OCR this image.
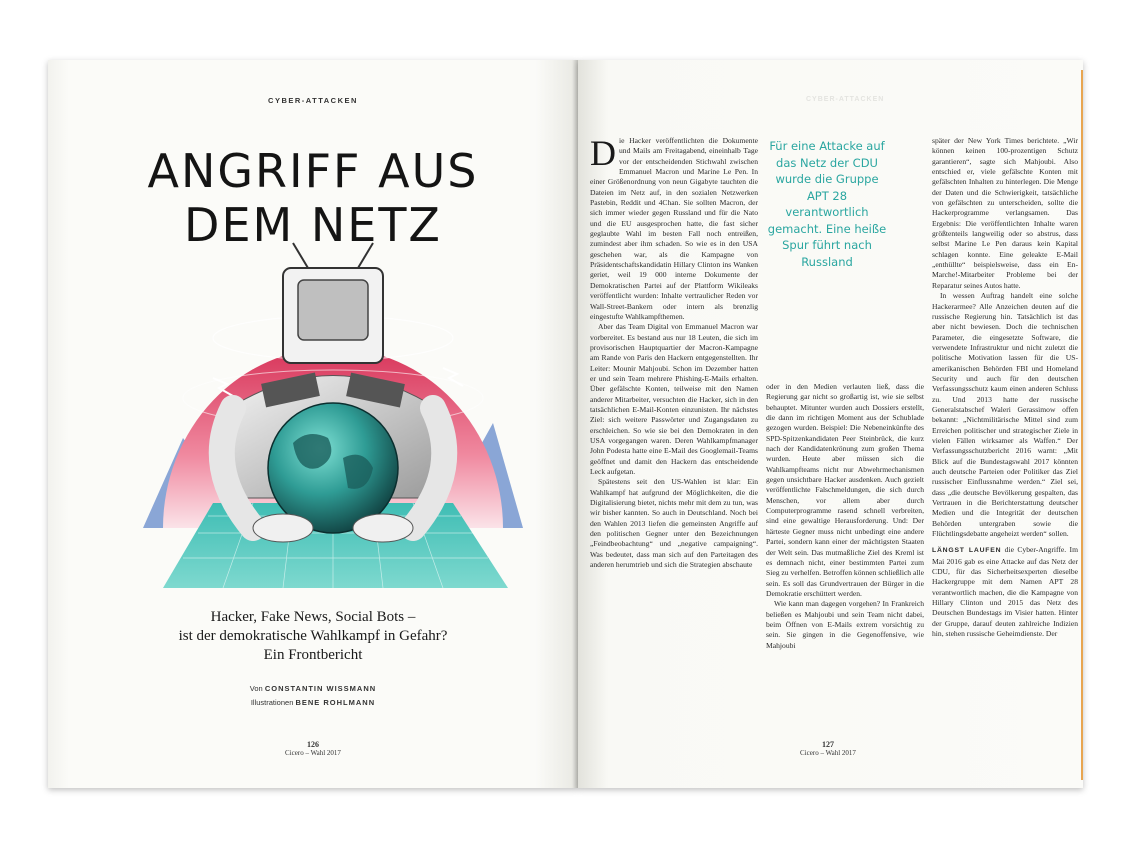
CYBER-ATTACKEN
ANGRIFF AUS
DEM NETZ
Hacker, Fake News, Social Bots –
ist der demokratische Wahlkampf in Gefahr?
Ein Frontbericht
Von CONSTANTIN WISSMANN
Illustrationen BENE ROHLMANN
126
Cicero – Wahl 2017
CYBER-ATTACKEN

Die Hacker veröffentlichten die Dokumente und Mails am Freitagabend, eineinhalb Tage vor der entscheidenden Stichwahl zwischen Emmanuel Macron und Marine Le Pen. In einer Größenordnung von neun Gigabyte tauchten die Dateien im Netz auf, in den sozialen Netzwerken Pastebin, Reddit und 4Chan. Sie sollten Macron, der sich immer wieder gegen Russland und für die Nato und die EU ausgesprochen hatte, die fast sicher geglaubte Wahl im besten Fall noch entreißen, zumindest aber ihm schaden. So wie es in den USA geschehen war, als die Kampagne von Präsidentschaftskandidatin Hillary Clinton ins Wanken geriet, weil 19 000 interne Dokumente der Demokratischen Partei auf der Plattform Wikileaks veröffentlicht wurden: Inhalte vertraulicher Reden vor Wall-Street-Bankern oder intern als brenzlig eingestufte Wahlkampfthemen.

Aber das Team Digital von Emmanuel Macron war vorbereitet. Es bestand aus nur 18 Leuten, die sich im provisorischen Hauptquartier der Macron-Kampagne am Rande von Paris den Hackern entgegenstellten. Ihr Leiter: Mounir Mahjoubi. Schon im Dezember hatten er und sein Team mehrere Phishing-E-Mails erhalten. Über gefälschte Konten, teilweise mit den Namen anderer Mitarbeiter, versuchten die Hacker, sich in den tatsächlichen E-Mail-Konten einzunisten. Ihr nächstes Ziel: sich weitere Passwörter und Zugangsdaten zu erschleichen. So wie sie bei den Demokraten in den USA vorgegangen waren. Deren Wahlkampfmanager John Podesta hatte eine E-Mail des Googlemail-Teams geöffnet und damit den Hackern das entscheidende Leck aufgetan.

Spätestens seit den US-Wahlen ist klar: Ein Wahlkampf hat aufgrund der Möglichkeiten, die die Digitalisierung bietet, nichts mehr mit dem zu tun, was wir bisher kannten. So auch in Deutschland. Noch bei den Wahlen 2013 liefen die gemeinsten Angriffe auf den politischen Gegner unter den Bezeichnungen „Feindbeobachtung“ und „negative campaigning“. Was bedeutet, dass man sich auf den Parteitagen des anderen herumtrieb und sich die Strategien abschaute

Für eine Attacke auf das Netz der CDU wurde die Gruppe APT 28 verantwortlich gemacht. Eine heiße Spur führt nach Russland

oder in den Medien verlauten ließ, dass die Regierung gar nicht so großartig ist, wie sie selbst behauptet. Mitunter wurden auch Dossiers erstellt, die dann im richtigen Moment aus der Schublade gezogen wurden. Beispiel: Die Nebeneinkünfte des SPD-Spitzenkandidaten Peer Steinbrück, die kurz nach der Kandidatenkrönung zum großen Thema wurden. Heute aber müssen sich die Wahlkampfteams nicht nur Abwehrmechanismen gegen unsichtbare Hacker ausdenken. Auch gezielt veröffentlichte Falschmeldungen, die sich durch Menschen, vor allem aber durch Computerprogramme rasend schnell verbreiten, sind eine gewaltige Herausforderung. Und: Der härteste Gegner muss nicht unbedingt eine andere Partei, sondern kann einer der mächtigsten Staaten der Welt sein. Das mutmaßliche Ziel des Kreml ist es demnach nicht, einer bestimmten Partei zum Sieg zu verhelfen. Betroffen können schließlich alle sein. Es soll das Grundvertrauen der Bürger in die Demokratie erschüttert werden.

Wie kann man dagegen vorgehen? In Frankreich beließen es Mahjoubi und sein Team nicht dabei, beim Öffnen von E-Mails extrem vorsichtig zu sein. Sie gingen in die Gegenoffensive, wie Mahjoubi

später der New York Times berichtete. „Wir können keinen 100-prozentigen Schutz garantieren“, sagte sich Mahjoubi. Also entschied er, viele gefälschte Konten mit gefälschten Inhalten zu hinterlegen. Die Menge der Daten und die Schwierigkeit, tatsächliche von gefälschten zu unterscheiden, sollte die Hackerprogramme verlangsamen. Das Ergebnis: Die veröffentlichten Inhalte waren größtenteils langweilig oder so abstrus, dass selbst Marine Le Pen daraus kein Kapital schlagen konnte. Eine geleakte E-Mail „enthüllte“ beispielsweise, dass ein En-Marche!-Mitarbeiter Probleme bei der Reparatur seines Autos hatte.

In wessen Auftrag handelt eine solche Hackerarmee? Alle Anzeichen deuten auf die russische Regierung hin. Tatsächlich ist das aber nicht bewiesen. Doch die technischen Parameter, die eingesetzte Software, die verwendete Infrastruktur und nicht zuletzt die politische Motivation lassen für die US-amerikanischen Behörden FBI und Homeland Security und auch für den deutschen Verfassungsschutz kaum einen anderen Schluss zu. Und 2013 hatte der russische Generalstabschef Waleri Gerassimow offen bekannt: „Nichtmilitärische Mittel sind zum Erreichen politischer und strategischer Ziele in vielen Fällen wirksamer als Waffen.“ Der Verfassungsschutzbericht 2016 warnt: „Mit Blick auf die Bundestagswahl 2017 könnten auch deutsche Parteien oder Politiker das Ziel russischer Einflussnahme werden.“ Ziel sei, dass „die deutsche Bevölkerung gespalten, das Vertrauen in die Berichterstattung deutscher Medien und die Integrität der deutschen Behörden untergraben sowie die Flüchtlingsdebatte angeheizt werden“ sollen.

LÄNGST LAUFEN die Cyber-Angriffe. Im Mai 2016 gab es eine Attacke auf das Netz der CDU, für das Sicherheitsexperten dieselbe Hackergruppe mit dem Namen APT 28 verantwortlich machen, die die Kampagne von Hillary Clinton und 2015 das Netz des Deutschen Bundestags im Visier hatten. Hinter der Gruppe, darauf deuten zahlreiche Indizien hin, stehen russische Geheimdienste. Der

127
Cicero – Wahl 2017
